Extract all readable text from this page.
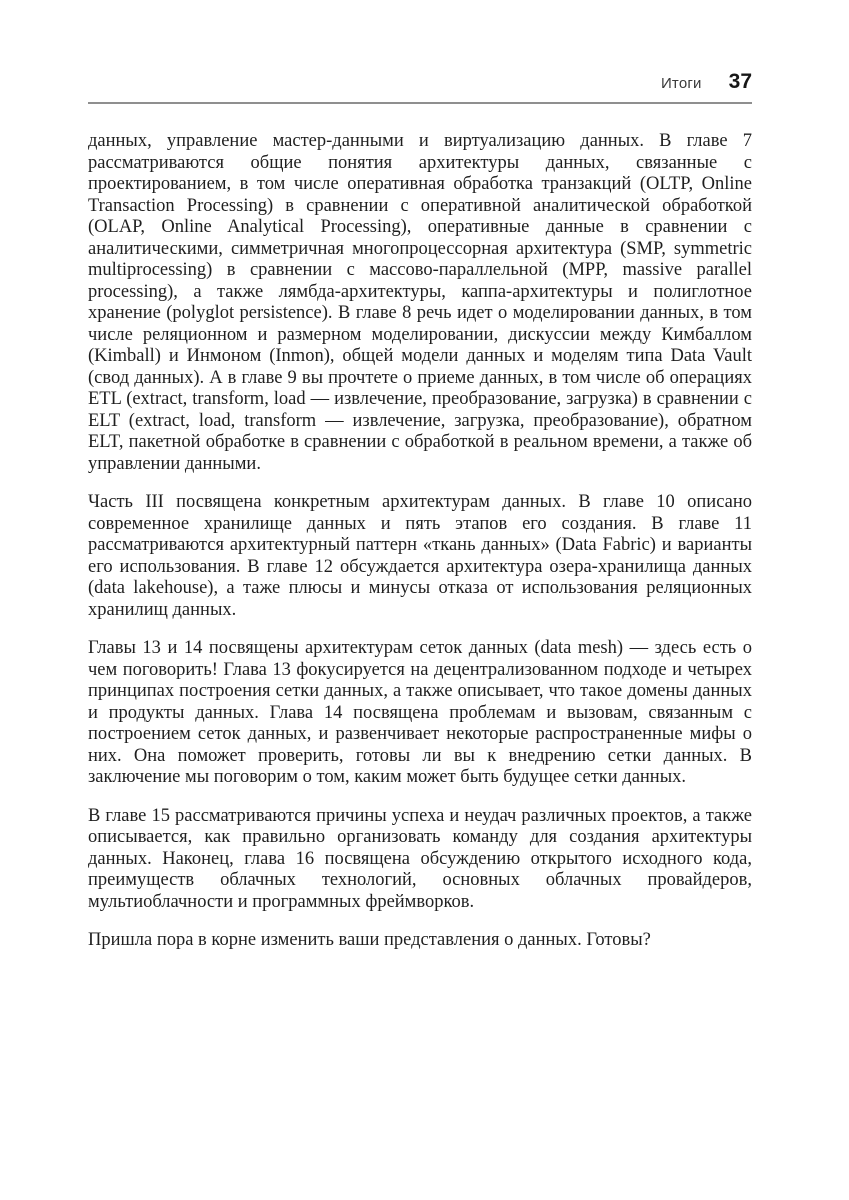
Итоги 37

данных, управление мастер-данными и виртуализацию данных. В главе 7 рассматриваются общие понятия архитектуры данных, связанные с проектированием, в том числе оперативная обработка транзакций (OLTP, Online Transaction Processing) в сравнении с оперативной аналитической обработкой (OLAP, Online Analytical Processing), оперативные данные в сравнении с аналитическими, симметричная многопроцессорная архитектура (SMP, symmetric multiprocessing) в сравнении с массово-параллельной (MPP, massive parallel processing), а также лямбда-архитектуры, каппа-архитектуры и полиглотное хранение (polyglot persistence). В главе 8 речь идет о моделировании данных, в том числе реляционном и размерном моделировании, дискуссии между Кимбаллом (Kimball) и Инмоном (Inmon), общей модели данных и моделям типа Data Vault (свод данных). А в главе 9 вы прочтете о приеме данных, в том числе об операциях ETL (extract, transform, load — извлечение, преобразование, загрузка) в сравнении с ELT (extract, load, transform — извлечение, загрузка, преобразование), обратном ELT, пакетной обработке в сравнении с обработкой в реальном времени, а также об управлении данными.

Часть III посвящена конкретным архитектурам данных. В главе 10 описано современное хранилище данных и пять этапов его создания. В главе 11 рассматриваются архитектурный паттерн «ткань данных» (Data Fabric) и варианты его использования. В главе 12 обсуждается архитектура озера-хранилища данных (data lakehouse), а таже плюсы и минусы отказа от использования реляционных хранилищ данных.

Главы 13 и 14 посвящены архитектурам сеток данных (data mesh) — здесь есть о чем поговорить! Глава 13 фокусируется на децентрализованном подходе и четырех принципах построения сетки данных, а также описывает, что такое домены данных и продукты данных. Глава 14 посвящена проблемам и вызовам, связанным с построением сеток данных, и развенчивает некоторые распространенные мифы о них. Она поможет проверить, готовы ли вы к внедрению сетки данных. В заключение мы поговорим о том, каким может быть будущее сетки данных.

В главе 15 рассматриваются причины успеха и неудач различных проектов, а также описывается, как правильно организовать команду для создания архитектуры данных. Наконец, глава 16 посвящена обсуждению открытого исходного кода, преимуществ облачных технологий, основных облачных провайдеров, мультиоблачности и программных фреймворков.

Пришла пора в корне изменить ваши представления о данных. Готовы?
